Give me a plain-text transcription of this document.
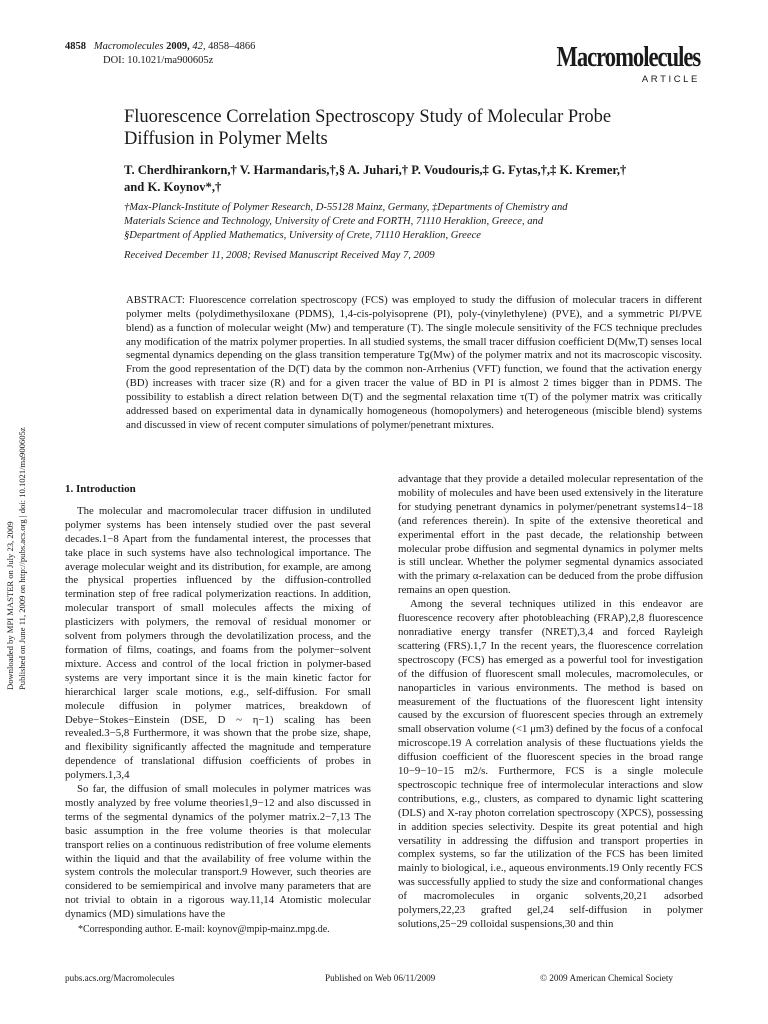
4858 Macromolecules 2009, 42, 4858–4866
DOI: 10.1021/ma900605z	Macromolecules
ARTICLE
Fluorescence Correlation Spectroscopy Study of Molecular Probe Diffusion in Polymer Melts
T. Cherdhirankorn,† V. Harmandaris,†,§ A. Juhari,† P. Voudouris,‡ G. Fytas,†,‡ K. Kremer,†
and K. Koynov*,†
†Max-Planck-Institute of Polymer Research, D-55128 Mainz, Germany, ‡Departments of Chemistry and
Materials Science and Technology, University of Crete and FORTH, 71110 Heraklion, Greece, and
§Department of Applied Mathematics, University of Crete, 71110 Heraklion, Greece
Received December 11, 2008; Revised Manuscript Received May 7, 2009
ABSTRACT: Fluorescence correlation spectroscopy (FCS) was employed to study the diffusion of molecular tracers in different polymer melts (polydimethysiloxane (PDMS), 1,4-cis-polyisoprene (PI), poly-(vinylethylene) (PVE), and a symmetric PI/PVE blend) as a function of molecular weight (Mw) and temperature (T). The single molecule sensitivity of the FCS technique precludes any modification of the matrix polymer properties. In all studied systems, the small tracer diffusion coefficient D(Mw,T) senses local segmental dynamics depending on the glass transition temperature Tg(Mw) of the polymer matrix and not its macroscopic viscosity. From the good representation of the D(T) data by the common non-Arrhenius (VFT) function, we found that the activation energy (BD) increases with tracer size (R) and for a given tracer the value of BD in PI is almost 2 times bigger than in PDMS. The possibility to establish a direct relation between D(T) and the segmental relaxation time τ(T) of the polymer matrix was critically addressed based on experimental data in dynamically homogeneous (homopolymers) and heterogeneous (miscible blend) systems and discussed in view of recent computer simulations of polymer/penetrant mixtures.
Downloaded by MPI MASTER on July 23, 2009 Published on June 11, 2009 on http://pubs.acs.org | doi: 10.1021/ma900605z	1. Introduction

The molecular and macromolecular tracer diffusion in undiluted polymer systems has been intensely studied over the past several decades.1−8 Apart from the fundamental interest, the processes that take place in such systems have also technological importance. The average molecular weight and its distribution, for example, are among the physical properties influenced by the diffusion-controlled termination step of free radical polymerization reactions. In addition, molecular transport of small molecules affects the mixing of plasticizers with polymers, the removal of residual monomer or solvent from polymers through the devolatilization process, and the formation of films, coatings, and foams from the polymer−solvent mixture. Access and control of the local friction in polymer-based systems are very important since it is the main kinetic factor for hierarchical larger scale motions, e.g., self-diffusion. For small molecule diffusion in polymer matrices, breakdown of Debye−Stokes−Einstein (DSE, D ~ η−1) scaling has been revealed.3−5,8 Furthermore, it was shown that the probe size, shape, and flexibility significantly affected the magnitude and temperature dependence of translational diffusion coefficients of probes in polymers.1,3,4

So far, the diffusion of small molecules in polymer matrices was mostly analyzed by free volume theories1,9−12 and also discussed in terms of the segmental dynamics of the polymer matrix.2−7,13 The basic assumption in the free volume theories is that molecular transport relies on a continuous redistribution of free volume elements within the liquid and that the availability of free volume within the system controls the molecular transport.9 However, such theories are considered to be semiempirical and involve many parameters that are not trivial to obtain in a rigorous way.11,14 Atomistic molecular dynamics (MD) simulations have the

advantage that they provide a detailed molecular representation of the mobility of molecules and have been used extensively in the literature for studying penetrant dynamics in polymer/penetrant systems14−18 (and references therein). In spite of the extensive theoretical and experimental effort in the past decade, the relationship between molecular probe diffusion and segmental dynamics in polymer melts is still unclear. Whether the polymer segmental dynamics associated with the primary α-relaxation can be deduced from the probe diffusion remains an open question.

Among the several techniques utilized in this endeavor are fluorescence recovery after photobleaching (FRAP),2,8 fluorescence nonradiative energy transfer (NRET),3,4 and forced Rayleigh scattering (FRS).1,7 In the recent years, the fluorescence correlation spectroscopy (FCS) has emerged as a powerful tool for investigation of the diffusion of fluorescent small molecules, macromolecules, or nanoparticles in various environments. The method is based on measurement of the fluctuations of the fluorescent light intensity caused by the excursion of fluorescent species through an extremely small observation volume (<1 μm3) defined by the focus of a confocal microscope.19 A correlation analysis of these fluctuations yields the diffusion coefficient of the fluorescent species in the broad range 10−9−10−15 m2/s. Furthermore, FCS is a single molecule spectroscopic technique free of intermolecular interactions and slow contributions, e.g., clusters, as compared to dynamic light scattering (DLS) and X-ray photon correlation spectroscopy (XPCS), possessing in addition species selectivity. Despite its great potential and high versatility in addressing the diffusion and transport properties in complex systems, so far the utilization of the FCS has been limited mainly to biological, i.e., aqueous environments.19 Only recently FCS was successfully applied to study the size and conformational changes of macromolecules in organic solvents,20,21 adsorbed polymers,22,23 grafted gel,24 self-diffusion in polymer solutions,25−29 colloidal suspensions,30 and thin

*Corresponding author. E-mail: koynov@mpip-mainz.mpg.de.
pubs.acs.org/Macromolecules	Published on Web 06/11/2009	© 2009 American Chemical Society
